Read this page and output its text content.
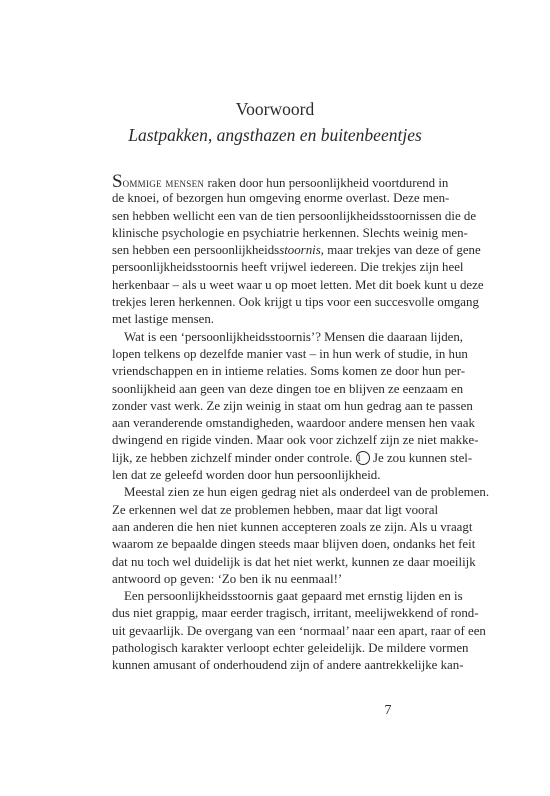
Voorwoord
Lastpakken, angsthazen en buitenbeentjes
Sommige mensen raken door hun persoonlijkheid voortdurend in
de knoei, of bezorgen hun omgeving enorme overlast. Deze men-
sen hebben wellicht een van de tien persoonlijkheidsstoornissen die de
klinische psychologie en psychiatrie herkennen. Slechts weinig men-
sen hebben een persoonlijkheidsstoornis, maar trekjes van deze of gene
persoonlijkheidsstoornis heeft vrijwel iedereen. Die trekjes zijn heel
herkenbaar – als u weet waar u op moet letten. Met dit boek kunt u deze
trekjes leren herkennen. Ook krijgt u tips voor een succesvolle omgang
met lastige mensen.
Wat is een ‘persoonlijkheidsstoornis’? Mensen die daaraan lijden,
lopen telkens op dezelfde manier vast – in hun werk of studie, in hun
vriendschappen en in intieme relaties. Soms komen ze door hun per-
soonlijkheid aan geen van deze dingen toe en blijven ze eenzaam en
zonder vast werk. Ze zijn weinig in staat om hun gedrag aan te passen
aan veranderende omstandigheden, waardoor andere mensen hen vaak
dwingend en rigide vinden. Maar ook voor zichzelf zijn ze niet makke-
lijk, ze hebben zichzelf minder onder controle. 1 Je zou kunnen stel-
len dat ze geleefd worden door hun persoonlijkheid.
Meestal zien ze hun eigen gedrag niet als onderdeel van de problemen.
Ze erkennen wel dat ze problemen hebben, maar dat ligt vooral
aan anderen die hen niet kunnen accepteren zoals ze zijn. Als u vraagt
waarom ze bepaalde dingen steeds maar blijven doen, ondanks het feit
dat nu toch wel duidelijk is dat het niet werkt, kunnen ze daar moeilijk
antwoord op geven: ‘Zo ben ik nu eenmaal!’
Een persoonlijkheidsstoornis gaat gepaard met ernstig lijden en is
dus niet grappig, maar eerder tragisch, irritant, meelijwekkend of rond-
uit gevaarlijk. De overgang van een ‘normaal’ naar een apart, raar of een
pathologisch karakter verloopt echter geleidelijk. De mildere vormen
kunnen amusant of onderhoudend zijn of andere aantrekkelijke kan-
7
